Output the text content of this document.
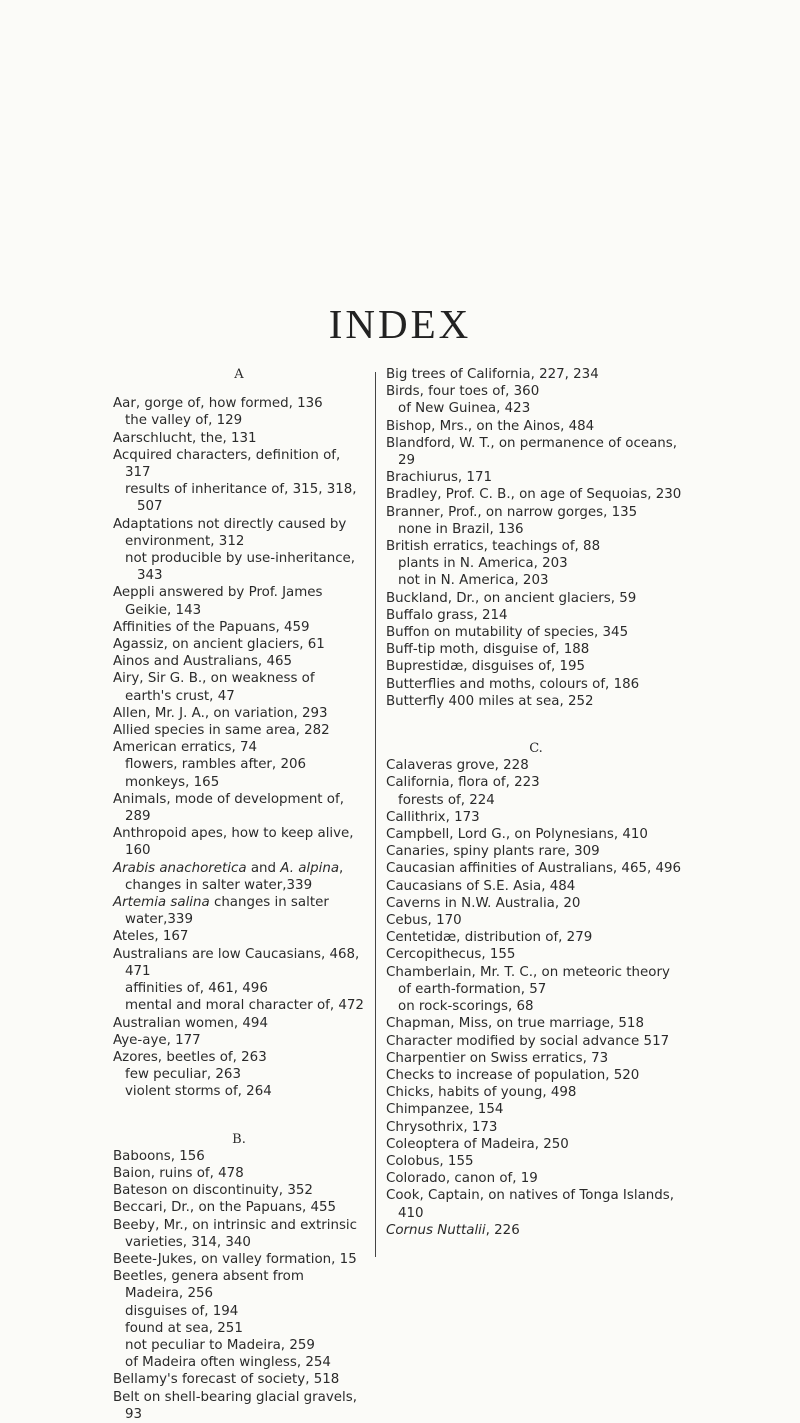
INDEX
A
Aar, gorge of, how formed, 136
the valley of, 129
Aarschlucht, the, 131
Acquired characters, definition of, 317
results of inheritance of, 315, 318, 507
Adaptations not directly caused by environment, 312
not producible by use-inheritance, 343
Aeppli answered by Prof. James Geikie, 143
Affinities of the Papuans, 459
Agassiz, on ancient glaciers, 61
Ainos and Australians, 465
Airy, Sir G. B., on weakness of earth's crust, 47
Allen, Mr. J. A., on variation, 293
Allied species in same area, 282
American erratics, 74
flowers, rambles after, 206
monkeys, 165
Animals, mode of development of, 289
Anthropoid apes, how to keep alive, 160
Arabis anachoretica and A. alpina, changes in salter water,339
Artemia salina changes in salter water,339
Ateles, 167
Australians are low Caucasians, 468, 471
affinities of, 461, 496
mental and moral character of, 472
Australian women, 494
Aye-aye, 177
Azores, beetles of, 263
few peculiar, 263
violent storms of, 264
B.
Baboons, 156
Baion, ruins of, 478
Bateson on discontinuity, 352
Beccari, Dr., on the Papuans, 455
Beeby, Mr., on intrinsic and extrinsic varieties, 314, 340
Beete-Jukes, on valley formation, 15
Beetles, genera absent from Madeira, 256
disguises of, 194
found at sea, 251
not peculiar to Madeira, 259
of Madeira often wingless, 254
Bellamy's forecast of society, 518
Belt on shell-bearing glacial gravels, 93
Big trees of California, 227, 234
Birds, four toes of, 360
of New Guinea, 423
Bishop, Mrs., on the Ainos, 484
Blandford, W. T., on permanence of oceans, 29
Brachiurus, 171
Bradley, Prof. C. B., on age of Sequoias, 230
Branner, Prof., on narrow gorges, 135
none in Brazil, 136
British erratics, teachings of, 88
plants in N. America, 203
not in N. America, 203
Buckland, Dr., on ancient glaciers, 59
Buffalo grass, 214
Buffon on mutability of species, 345
Buff-tip moth, disguise of, 188
Buprestidæ, disguises of, 195
Butterflies and moths, colours of, 186
Butterfly 400 miles at sea, 252
C.
Calaveras grove, 228
California, flora of, 223
forests of, 224
Callithrix, 173
Campbell, Lord G., on Polynesians, 410
Canaries, spiny plants rare, 309
Caucasian affinities of Australians, 465, 496
Caucasians of S.E. Asia, 484
Caverns in N.W. Australia, 20
Cebus, 170
Centetidæ, distribution of, 279
Cercopithecus, 155
Chamberlain, Mr. T. C., on meteoric theory of earth-formation, 57
on rock-scorings, 68
Chapman, Miss, on true marriage, 518
Character modified by social advance 517
Charpentier on Swiss erratics, 73
Checks to increase of population, 520
Chicks, habits of young, 498
Chimpanzee, 154
Chrysothrix, 173
Coleoptera of Madeira, 250
Colobus, 155
Colorado, canon of, 19
Cook, Captain, on natives of Tonga Islands, 410
Cornus Nuttalii, 226
